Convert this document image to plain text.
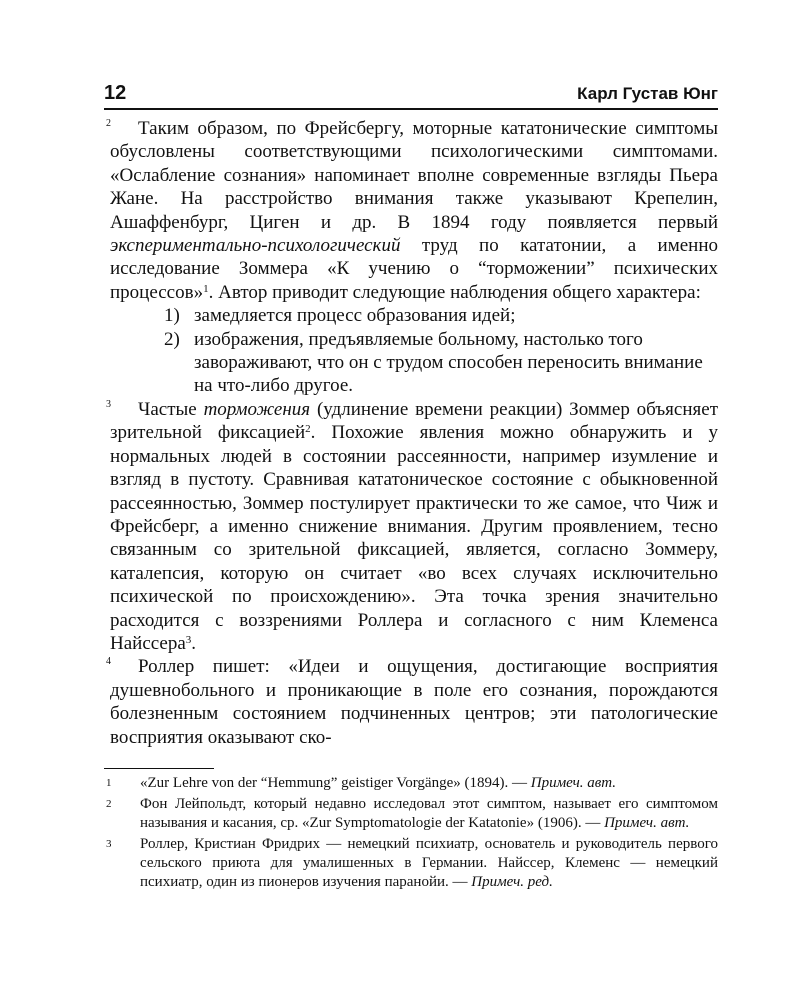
12	Карл Густав Юнг

2 Таким образом, по Фрейсбергу, моторные кататонические симптомы обусловлены соответствующими психологическими симптомами. «Ослабление сознания» напоминает вполне современные взгляды Пьера Жане. На расстройство внимания также указывают Крепелин, Ашаффенбург, Циген и др. В 1894 году появляется первый экспериментально-психологический труд по кататонии, а именно исследование Зоммера «К учению о “торможении” психических процессов»$^1$. Автор приводит следующие наблюдения общего характера:

1) замедляется процесс образования идей;
2) изображения, предъявляемые больному, настолько того завораживают, что он с трудом способен переносить внимание на что-либо другое.

3 Частые торможения (удлинение времени реакции) Зоммер объясняет зрительной фиксацией$^2$. Похожие явления можно обнаружить и у нормальных людей в состоянии рассеянности, например изумление и взгляд в пустоту. Сравнивая кататоническое состояние с обыкновенной рассеянностью, Зоммер постулирует практически то же самое, что Чиж и Фрейсберг, а именно снижение внимания. Другим проявлением, тесно связанным со зрительной фиксацией, является, согласно Зоммеру, каталепсия, которую он считает «во всех случаях исключительно психической по происхождению». Эта точка зрения значительно расходится с воззрениями Роллера и согласного с ним Клеменса Найссера$^3$.

4 Роллер пишет: «Идеи и ощущения, достигающие восприятия душевнобольного и проникающие в поле его сознания, порождаются болезненным состоянием подчиненных центров; эти патологические восприятия оказывают ско-

1 «Zur Lehre von der “Hemmung” geistiger Vorgänge» (1894). — Примеч. авт.

2 Фон Лейпольдт, который недавно исследовал этот симптом, называет его симптомом называния и касания, ср. «Zur Symptomatologie der Katatonie» (1906). — Примеч. авт.

3 Роллер, Кристиан Фридрих — немецкий психиатр, основатель и руководитель первого сельского приюта для умалишенных в Германии. Найссер, Клеменс — немецкий психиатр, один из пионеров изучения паранойи. — Примеч. ред.
